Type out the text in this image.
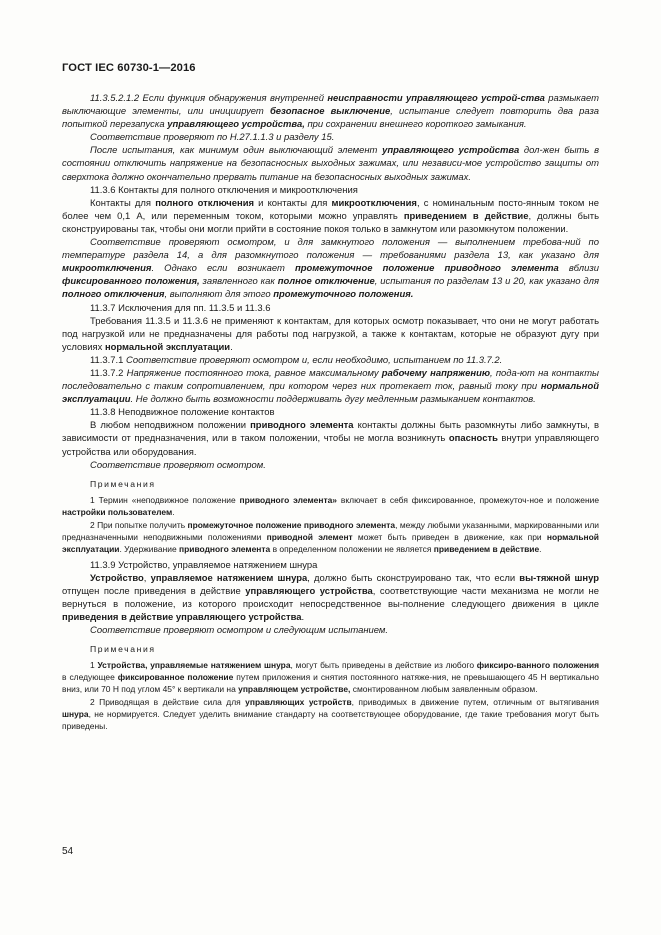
ГОСТ IEC 60730-1—2016

11.3.5.2.1.2 Если функция обнаружения внутренней неисправности управляющего устрой-ства размыкает выключающие элементы, или инициирует безопасное выключение, испытание следует повторить два раза попыткой перезапуска управляющего устройства, при сохранении внешнего короткого замыкания.

Соответствие проверяют по Н.27.1.1.3 и разделу 15.

После испытания, как минимум один выключающий элемент управляющего устройства дол-жен быть в состоянии отключить напряжение на безопасносных выходных зажимах, или независи-мое устройство защиты от сверхтока должно окончательно прервать питание на безопасносных выходных зажимах.

11.3.6 Контакты для полного отключения и микроотключения

Контакты для полного отключения и контакты для микроотключения, с номинальным посто-янным током не более чем 0,1 А, или переменным током, которыми можно управлять приведением в действие, должны быть сконструированы так, чтобы они могли прийти в состояние покоя только в замкнутом или разомкнутом положении.

Соответствие проверяют осмотром, и для замкнутого положения — выполнением требова-ний по температуре раздела 14, а для разомкнутого положения — требованиями раздела 13, как указано для микроотключения. Однако если возникает промежуточное положение приводного элемента вблизи фиксированного положения, заявленного как полное отключение, испытания по разделам 13 и 20, как указано для полного отключения, выполняют для этого промежуточного положения.

11.3.7 Исключения для пп. 11.3.5 и 11.3.6

Требования 11.3.5 и 11.3.6 не применяют к контактам, для которых осмотр показывает, что они не могут работать под нагрузкой или не предназначены для работы под нагрузкой, а также к контактам, которые не образуют дугу при условиях нормальной эксплуатации.

11.3.7.1 Соответствие проверяют осмотром и, если необходимо, испытанием по 11.3.7.2.

11.3.7.2 Напряжение постоянного тока, равное максимальному рабочему напряжению, пода-ют на контакты последовательно с таким сопротивлением, при котором через них протекает ток, равный току при нормальной эксплуатации. Не должно быть возможности поддерживать дугу медленным размыканием контактов.

11.3.8 Неподвижное положение контактов

В любом неподвижном положении приводного элемента контакты должны быть разомкнуты либо замкнуты, в зависимости от предназначения, или в таком положении, чтобы не могла возникнуть опасность внутри управляющего устройства или оборудования.

Соответствие проверяют осмотром.

Примечания

1 Термин «неподвижное положение приводного элемента» включает в себя фиксированное, промежуточ-ное и положение настройки пользователем.

2 При попытке получить промежуточное положение приводного элемента, между любыми указанными, маркированными или предназначенными неподвижными положениями приводной элемент может быть приведен в движение, как при нормальной эксплуатации. Удерживание приводного элемента в определенном положении не является приведением в действие.

11.3.9 Устройство, управляемое натяжением шнура

Устройство, управляемое натяжением шнура, должно быть сконструировано так, что если вы-тяжной шнур отпущен после приведения в действие управляющего устройства, соответствующие части механизма не могли не вернуться в положение, из которого происходит непосредственное вы-полнение следующего движения в цикле приведения в действие управляющего устройства.

Соответствие проверяют осмотром и следующим испытанием.

Примечания

1 Устройства, управляемые натяжением шнура, могут быть приведены в действие из любого фиксиро-ванного положения в следующее фиксированное положение путем приложения и снятия постоянного натяже-ния, не превышающего 45 Н вертикально вниз, или 70 Н под углом 45° к вертикали на управляющем устройстве, смонтированном любым заявленным образом.

2 Приводящая в действие сила для управляющих устройств, приводимых в движение путем, отличным от вытягивания шнура, не нормируется. Следует уделить внимание стандарту на соответствующее оборудование, где такие требования могут быть приведены.

54
